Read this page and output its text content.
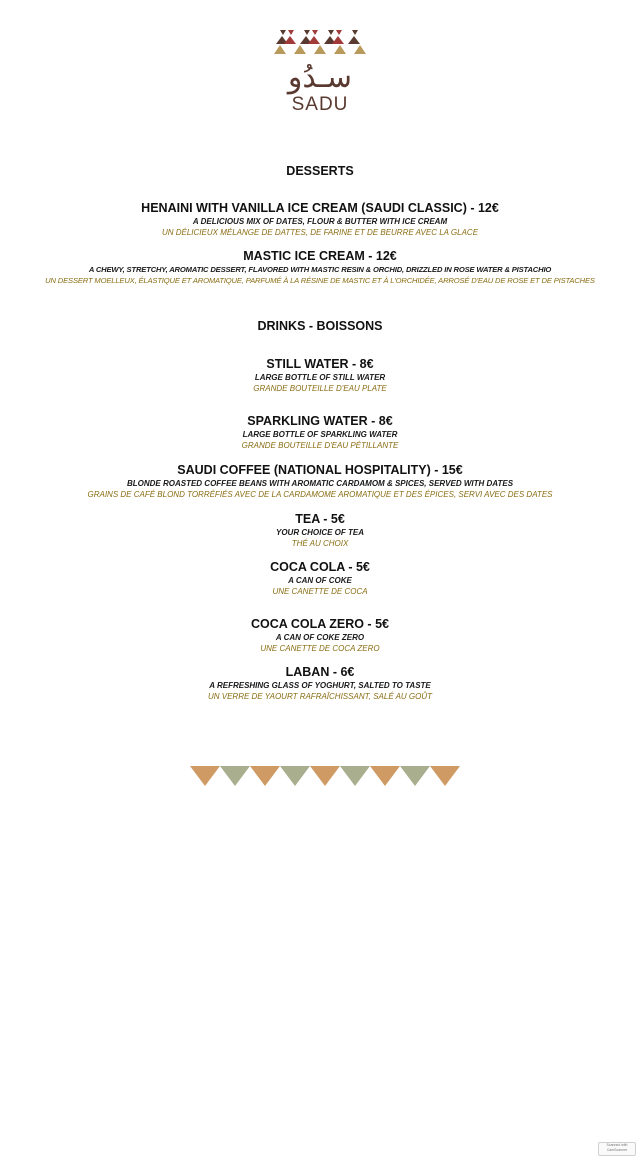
سـدُو
SADU
DESSERTS
HENAINI WITH VANILLA ICE CREAM (SAUDI CLASSIC) - 12€
A DELICIOUS MIX OF DATES, FLOUR & BUTTER WITH ICE CREAM
UN DÉLICIEUX MÉLANGE DE DATTES, DE FARINE ET DE BEURRE AVEC LA GLACE
MASTIC ICE CREAM - 12€
A CHEWY, STRETCHY, AROMATIC DESSERT, FLAVORED WITH MASTIC RESIN & ORCHID, DRIZZLED IN ROSE WATER & PISTACHIO
UN DESSERT MOELLEUX, ÉLASTIQUE ET AROMATIQUE, PARFUMÉ À LA RÉSINE DE MASTIC ET À L'ORCHIDÉE, ARROSÉ D'EAU DE ROSE ET DE PISTACHES
DRINKS - BOISSONS
STILL WATER - 8€
LARGE BOTTLE OF STILL WATER
GRANDE BOUTEILLE D'EAU PLATE
SPARKLING WATER - 8€
LARGE BOTTLE OF SPARKLING WATER
GRANDE BOUTEILLE D'EAU PÉTILLANTE
SAUDI COFFEE (NATIONAL HOSPITALITY) - 15€
BLONDE ROASTED COFFEE BEANS WITH AROMATIC CARDAMOM & SPICES, SERVED WITH DATES
GRAINS DE CAFÉ BLOND TORRÉFIÉS AVEC DE LA CARDAMOME AROMATIQUE ET DES ÉPICES, SERVI AVEC DES DATES
TEA - 5€
YOUR CHOICE OF TEA
THÉ AU CHOIX
COCA COLA - 5€
A CAN OF COKE
UNE CANETTE DE COCA
COCA COLA ZERO - 5€
A CAN OF COKE ZERO
UNE CANETTE DE COCA ZERO
LABAN - 6€
A REFRESHING GLASS OF YOGHURT, SALTED TO TASTE
UN VERRE DE YAOURT RAFRAÎCHISSANT, SALÉ AU GOÛT
Scanned with CamScanner
